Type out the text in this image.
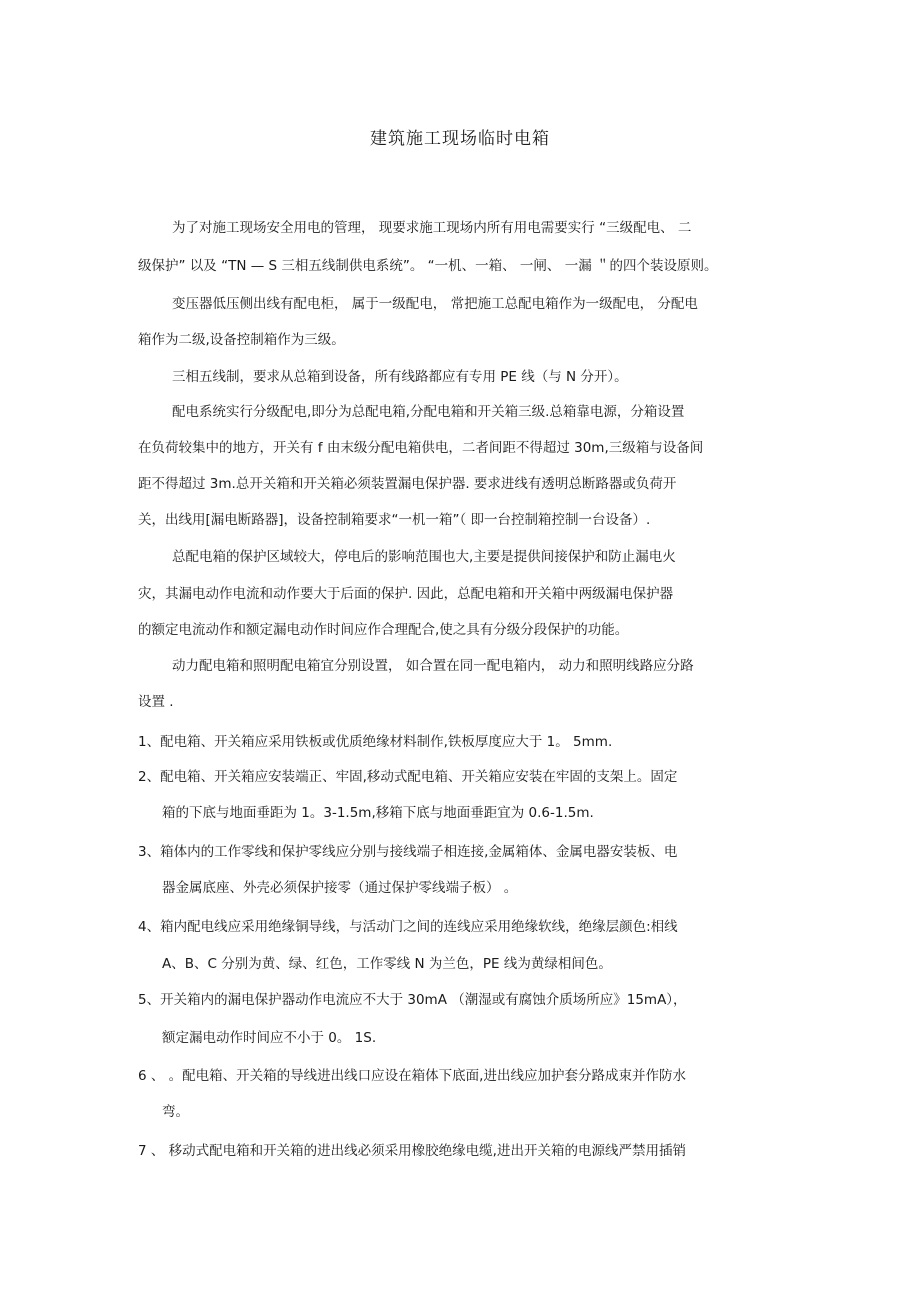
建筑施工现场临时电箱
为了对施工现场安全用电的管理， 现要求施工现场内所有用电需要实行 “三级配电、 二
级保护” 以及 “TN — S 三相五线制供电系统”。 “一机、一箱、 一闸、 一漏 ＂的四个装设原则。
变压器低压侧出线有配电柜， 属于一级配电， 常把施工总配电箱作为一级配电， 分配电
箱作为二级,设备控制箱作为三级。
三相五线制，要求从总箱到设备，所有线路都应有专用 PE 线（与 N 分开）。
配电系统实行分级配电,即分为总配电箱,分配电箱和开关箱三级.总箱靠电源，分箱设置
在负荷较集中的地方，开关有 f 由末级分配电箱供电，二者间距不得超过 30m,三级箱与设备间
距不得超过 3m.总开关箱和开关箱必须装置漏电保护器. 要求进线有透明总断路器或负荷开
关，出线用[漏电断路器]，设备控制箱要求“一机一箱”（ 即一台控制箱控制一台设备）.
总配电箱的保护区域较大，停电后的影响范围也大,主要是提供间接保护和防止漏电火
灾，其漏电动作电流和动作要大于后面的保护. 因此，总配电箱和开关箱中两级漏电保护器
的额定电流动作和额定漏电动作时间应作合理配合,使之具有分级分段保护的功能。
动力配电箱和照明配电箱宜分别设置， 如合置在同一配电箱内， 动力和照明线路应分路
设置 .
1、配电箱、开关箱应采用铁板或优质绝缘材料制作,铁板厚度应大于 1。 5mm.
2、配电箱、开关箱应安装端正、牢固,移动式配电箱、开关箱应安装在牢固的支架上。固定
箱的下底与地面垂距为 1。3-1.5m,移箱下底与地面垂距宜为 0.6-1.5m.
3、箱体内的工作零线和保护零线应分别与接线端子相连接,金属箱体、金属电器安装板、电
器金属底座、外壳必须保护接零（通过保护零线端子板） 。
4、箱内配电线应采用绝缘铜导线，与活动门之间的连线应采用绝缘软线，绝缘层颜色:相线
A、B、C 分别为黄、绿、红色，工作零线 N 为兰色，PE 线为黄绿相间色。
5、开关箱内的漏电保护器动作电流应不大于 30mA （潮湿或有腐蚀介质场所应》15mA），
额定漏电动作时间应不小于 0。 1S.
6 、 。配电箱、开关箱的导线进出线口应设在箱体下底面,进出线应加护套分路成束并作防水
弯。
7 、 移动式配电箱和开关箱的进出线必须采用橡胶绝缘电缆,进出开关箱的电源线严禁用插销
